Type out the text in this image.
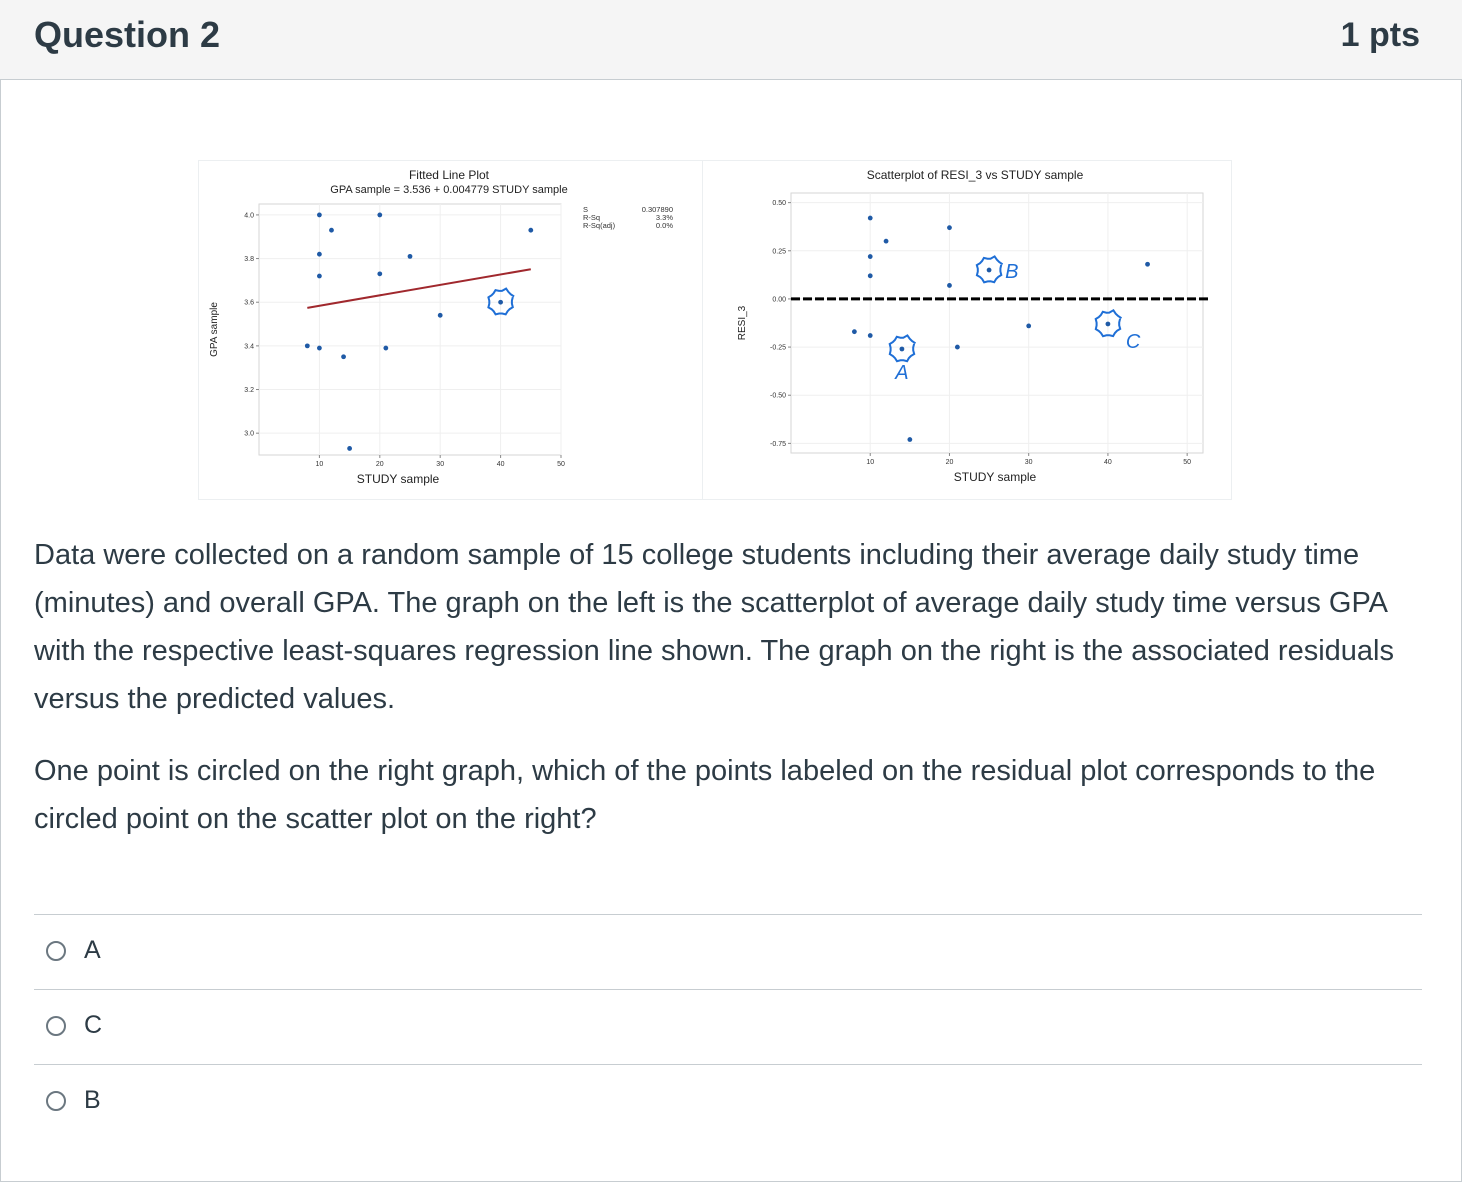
Question 2	1 pts
10	20	30	40	50
3.0
3.2
3.4
3.6
3.8
4.0
Fitted Line Plot
GPA sample = 3.536 + 0.004779 STUDY sample
STUDY sample
GPA sample
S	0.307890
R-Sq	3.3%
R-Sq(adj)	0.0%
10	20	30	40	50
0.50
0.25
0.00
-0.25
-0.50
-0.75
Scatterplot of RESI_3 vs STUDY sample
STUDY sample
RESI_3
A
B
C
Data were collected on a random sample of 15 college students including their average daily study time (minutes) and overall GPA. The graph on the left is the scatterplot of average daily study time versus GPA with the respective least-squares regression line shown. The graph on the right is the associated residuals versus the predicted values.
One point is circled on the right graph, which of the points labeled on the residual plot corresponds to the circled point on the scatter plot on the right?
A
C
B
